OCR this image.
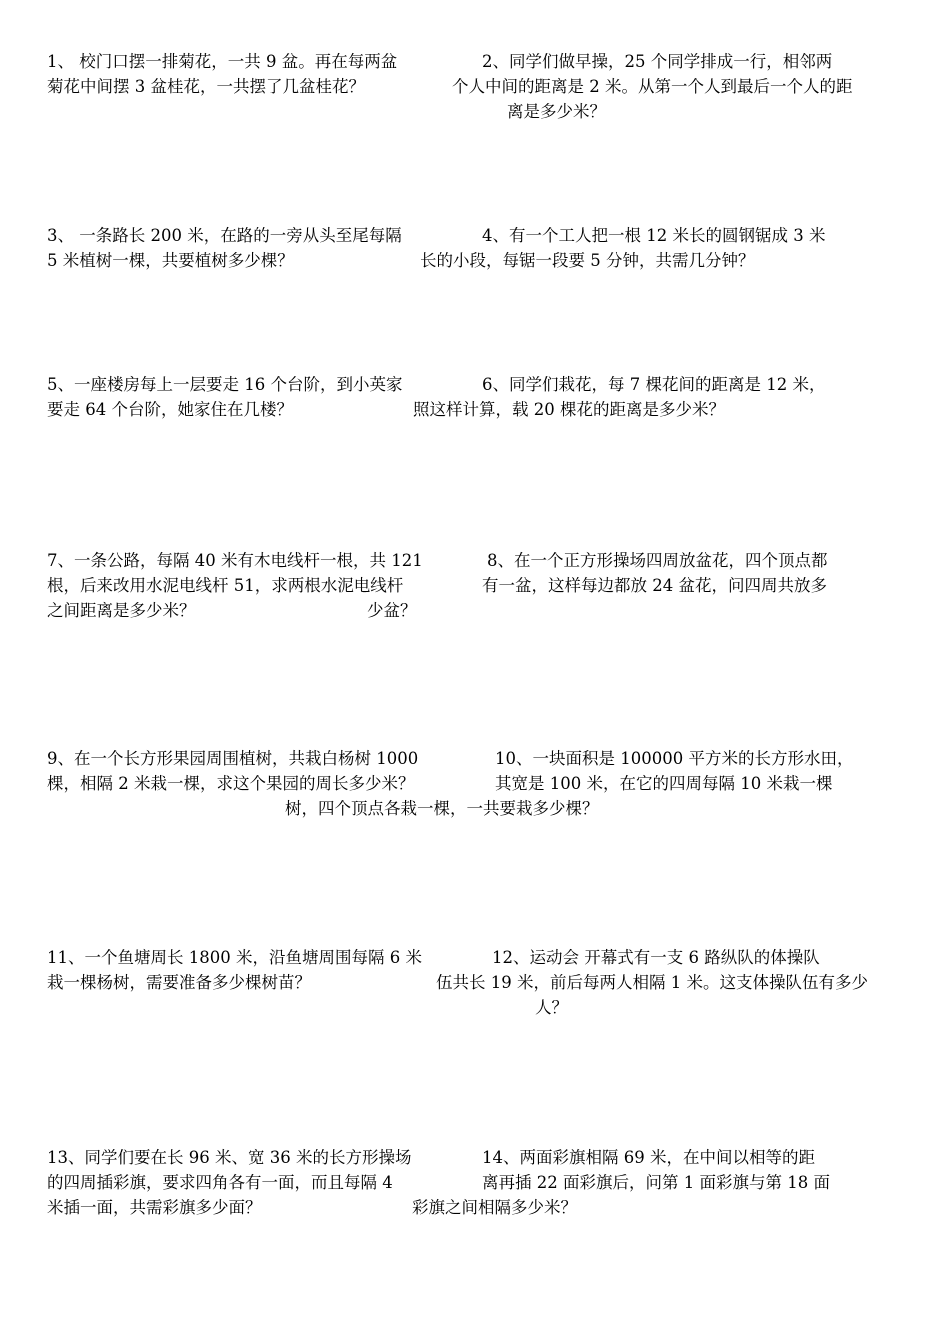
1、 校门口摆一排菊花，一共 9 盆。再在每两盆
菊花中间摆 3 盆桂花，一共摆了几盆桂花？
2、同学们做早操，25 个同学排成一行，相邻两
个人中间的距离是 2 米。从第一个人到最后一个人的距
离是多少米？
3、 一条路长 200 米，在路的一旁从头至尾每隔
5 米植树一棵，共要植树多少棵？
4、有一个工人把一根 12 米长的圆钢锯成 3 米
长的小段，每锯一段要 5 分钟，共需几分钟？
5、一座楼房每上一层要走 16 个台阶，到小英家
要走 64 个台阶，她家住在几楼？
6、同学们栽花，每 7 棵花间的距离是 12 米，
照这样计算，载 20 棵花的距离是多少米？
7、一条公路，每隔 40 米有木电线杆一根，共 121
根，后来改用水泥电线杆 51，求两根水泥电线杆
之间距离是多少米？
8、在一个正方形操场四周放盆花，四个顶点都
有一盆，这样每边都放 24 盆花，问四周共放多
少盆？
9、在一个长方形果园周围植树，共栽白杨树 1000
棵，相隔 2 米栽一棵，求这个果园的周长多少米？
10、一块面积是 100000 平方米的长方形水田，
其宽是 100 米，在它的四周每隔 10 米栽一棵
树，四个顶点各栽一棵，一共要栽多少棵？
11、一个鱼塘周长 1800 米，沿鱼塘周围每隔 6 米
栽一棵杨树，需要准备多少棵树苗？
12、运动会 开幕式有一支 6 路纵队的体操队
伍共长 19 米，前后每两人相隔 1 米。这支体操队伍有多少
人？
13、同学们要在长 96 米、宽 36 米的长方形操场
的四周插彩旗，要求四角各有一面，而且每隔 4
米插一面，共需彩旗多少面？
14、两面彩旗相隔 69 米，在中间以相等的距
离再插 22 面彩旗后，问第 1 面彩旗与第 18 面
彩旗之间相隔多少米？
